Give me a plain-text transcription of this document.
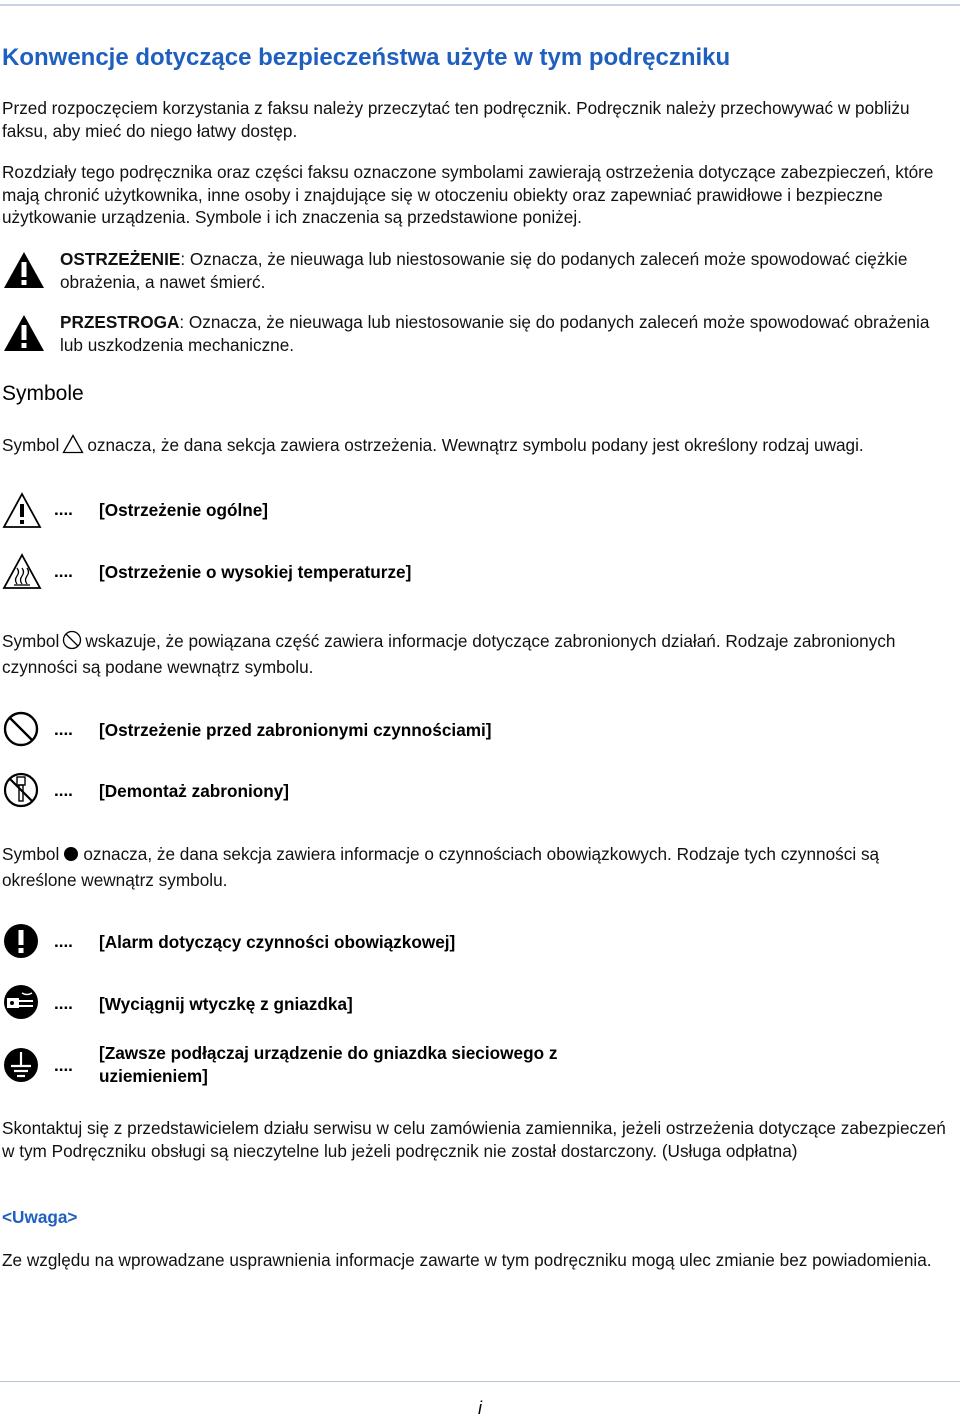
Konwencje dotyczące bezpieczeństwa użyte w tym podręczniku
Przed rozpoczęciem korzystania z faksu należy przeczytać ten podręcznik. Podręcznik należy przechowywać w pobliżu faksu, aby mieć do niego łatwy dostęp.
Rozdziały tego podręcznika oraz części faksu oznaczone symbolami zawierają ostrzeżenia dotyczące zabezpieczeń, które mają chronić użytkownika, inne osoby i znajdujące się w otoczeniu obiekty oraz zapewniać prawidłowe i bezpieczne użytkowanie urządzenia. Symbole i ich znaczenia są przedstawione poniżej.
OSTRZEŻENIE: Oznacza, że nieuwaga lub niestosowanie się do podanych zaleceń może spowodować ciężkie obrażenia, a nawet śmierć.
PRZESTROGA: Oznacza, że nieuwaga lub niestosowanie się do podanych zaleceń może spowodować obrażenia lub uszkodzenia mechaniczne.
Symbole
Symbol oznacza, że dana sekcja zawiera ostrzeżenia. Wewnątrz symbolu podany jest określony rodzaj uwagi.
.... [Ostrzeżenie ogólne]
.... [Ostrzeżenie o wysokiej temperaturze]
Symbol wskazuje, że powiązana część zawiera informacje dotyczące zabronionych działań. Rodzaje zabronionych czynności są podane wewnątrz symbolu.
.... [Ostrzeżenie przed zabronionymi czynnościami]
.... [Demontaż zabroniony]
Symbol oznacza, że dana sekcja zawiera informacje o czynnościach obowiązkowych. Rodzaje tych czynności są określone wewnątrz symbolu.
.... [Alarm dotyczący czynności obowiązkowej]
.... [Wyciągnij wtyczkę z gniazdka]
....
[Zawsze podłączaj urządzenie do gniazdka sieciowego z uziemieniem]
Skontaktuj się z przedstawicielem działu serwisu w celu zamówienia zamiennika, jeżeli ostrzeżenia dotyczące zabezpieczeń w tym Podręczniku obsługi są nieczytelne lub jeżeli podręcznik nie został dostarczony. (Usługa odpłatna)
<Uwaga>
Ze względu na wprowadzane usprawnienia informacje zawarte w tym podręczniku mogą ulec zmianie bez powiadomienia.
i
